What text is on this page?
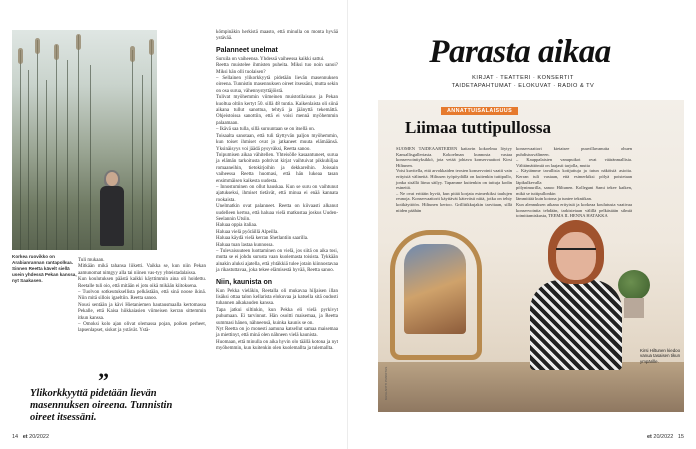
Korkea ruovikko on Arabianrannan rantapolkua. Sinnen Reetta kävelt siellä usein yhdessä Pekan kanssa, nyt Saakasen.

Tuli mukaan.

Mitkään mikä tahansa liiketti. Vaikka se, kun niin Pekan aamunomat nimgyy alla tai niinen vas-tyy yhteistadalaissa.

Kun koulutuksen päästä kaikki käyttimmin aina oli hoidettu. Reetalle tuli oio, että mitään ei jotu oikä mikään kiitoksena.

– Tuolvon sotkeutuksellista pelkästään, että sinä noose ikinä. Niin mitä sillois igaeltiin. Reetta sanoo.

Nousi sentään ja kävi Hietaniemen hautausmaalla kertomassa Pekalle, että Kaisa hiikkaiasien viimeisen kerran sittemmin itkun kanssa.

– Omoksi kolo ajan olivat olemassa pojan, poiken perheet, lapsenlapset, siskot ja ystävät. Ystä-

kömpinäkin herkistä maasto, että minulla on monta hyvää ystävää.

Palanneet unelmat

Suruila on vaiheensa. Yhdessä vaiheessa kaikki sattui.

Reetta muistelee ihmisten puheita. Miksi tuo noin sanoi? Miksi hän olli tuolaisen?

– Sellainen ylikorkkyytä pidetään lievän masennuksen oireena. Tunnistin masennuksen oireet itsessäni, mutta sekin on osa surua, vähennystyttäjöistä.

Tulivat myöhemmin viimeinen muistotilaisuus ja Pekan kuoltua oltiin kertyt 50. sillä 48 tuntia. Kaikenlaista oli siinä aikana tullut sanottua, tehtyä ja jäänyttä tekemättä. Ohjeistoissa sanottiin, että ei voisi mennä myöhemmin palaamaan.

– Ikävä saa tulla, sillä suruuntaan se on itsellä on.

Toisaalta sanotaan, että tuli täyttyvän paljon myöhemmin, kun toiset ihmiset ovat jo jatkaneet muuta elämäänsä. Yksinäisyys voi jäädä pysyväksi, Reetta sanoo.

Toipumisen aikaa vähitellen. Yhteisölle kasaantuneet, surua ja elämän tarkoitusta pohtivat kirjat vaihtuivat pikkuhiljaa romaaneihin, tietokirjoihin ja dekkareihin. Joissain vaiheessa Reetta huomasi, että hän lukeaa tasan ensimmäisen kaikesta uudesta.

– Innostuminen on ollut hauskaa. Kun se suru on vaihtunut ajatukseksi, ihmiset tietävät, että minua ei enää kannata rookaista.

Unelmatkin ovat palanneet. Reetta on kiivaasti alkanut uudelleen kertoa, että haluaa vielä matkustaa joskus Uuden-Seelannin Utsiin.

Haluaa oppia italiaa.

Haluaa vielä pyöräillä Alpeilla.

Haluaa käydä vielä kerran Shetlantiin saarilla.

Haluaa tuan lastaa kunnossa.

– Tulevaisuuteen luottaminen on vielä, jos siitä on aika tosi, mutta se ei johdu surusta vaan kuolemasta toisista. Tykkään ainakin aluksi ajatella, että yhtäkkiä tulee jotain kiinnostavaa ja rikastuttavaa, joka tekee elämisestä hyvää, Reetta sanoo.

Niin, kaunista on

Kun Pekka vieläkin, Reetalla oli mukavaa hiljaisen illan lisäksi ottaa talon kellarista elokuvaa ja katsella sitä oudosti tuhannen aikakauden kanssa.

Tapa jatkui siltinkin, kun Pekka eli vielä pyrkivyt puhumaan. Ei tarvinnut. Hän osoitti maisemaa, ja Reetta summasi hänen, nähneensä, kuinka kaunis se on.

Nyt Reetta on jo monesti aamuna katsellut samaa maisemaa ja miettinyt, että minä olen nähneen vielä kaunista.

Huomaan, että minulla on aika hyvin olo täällä kotona ja nyt myöhemmin, kun kuitenkin olen kuolemallta ja tulemallta.

”
Ylikorkkyyttä pidetään lievän masennuksen oireena. Tunnistin oireet itsessäni.
14 et 20/2022
Parasta aikaa
KIRJAT · TEATTERI · KONSERTIT
TAIDETAPAHTUMAT · ELOKUVAT · RADIO & TV
ANNATTUISALAISUUS
Liimaa tuttipullossa

SUOMEN TAIDEAARTEIDEN kattavin kokoelma löytyy Kansallisgalleriasta. Kokoelman kunnosta vastaa konservointiyksikkö, jota vetää johtava konservaattori Kirsi Hiltunen.

Voisi kuvitella, että arvokkaiden teosten konservointi vaatii vain erityisiä välineitä. Hiltusen työpöydällä on kuitenkin tuttipullo, jonka sisällä liima säilyy. Tapamme kuitenkin on tuttuja kodin esineitä.

– Ne ovat erittäin hyviä, kun pitää korjata esimerkiksi taulujen reunoja. Konservaattorit käyttävät kätevästi niitä, jotka on tehty kotikäyttöön. Hiltunen kertoo. Grillitikkujakin tarvitaan, sillä niiden päähän

konservaattori kietaisee puuvillavanutta ohuen puhdistusvälineen.

– Kauppalaisten vanupuikot ovat vääränmallisia. Välttämättömiä on laajasti tarjolla, mutta

– Käytämme tavallisia kotijuttuja ja tutun näköisiä asioita. Kerran tuli vastaan, että esimerkiksi pölyä poistetaan läpikulkevalla

pölynimurilla, sanoo Hiltunen. Kollegani Sami tekee kaiken, mikä se tuttipullonkin

lämmittää kuin kotona ja tuntee tekniikan.

Kun alennuksen aikana erityistä ja korkeaa koulutusta vaativaa konservointia tehdään, tarkistetaan välillä pelkästään silmiä toimittamiskusta, TEEMA IL HENNA HATAKKA

Kirsi Hiltunen kiedoo vanua tasaisen tikun ympärille.
KUVA ANTTI PUNNITUS
et 20/2022 15
